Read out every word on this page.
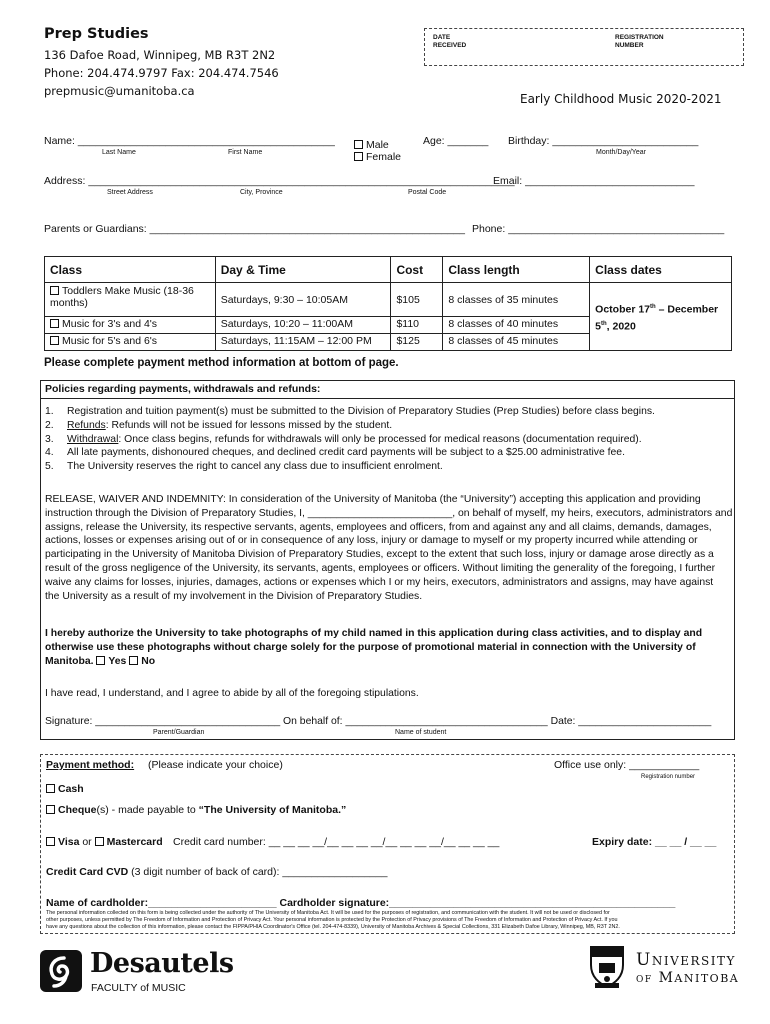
Prep Studies
136 Dafoe Road, Winnipeg, MB R3T 2N2
Phone: 204.474.9797 Fax: 204.474.7546
prepmusic@umanitoba.ca
DATE
RECEIVED
REGISTRATION
NUMBER
Early Childhood Music 2020-2021
Name: ____________________________________________
Last Name	First Name
Male
Female
Age: _______ Birthday: _________________________
Month/Day/Year
Address: _________________________________________________________________________
Street Address	City, Province	Postal Code
Email: _____________________________
Parents or Guardians: ______________________________________________________ Phone: _____________________________________
Class	Day & Time	Cost	Class length	Class dates
Toddlers Make Music (18-36 months)	Saturdays, 9:30 – 10:05AM	$105	8 classes of 35 minutes	October 17th – December
5th, 2020
Music for 3's and 4's	Saturdays, 10:20 – 11:00AM	$110	8 classes of 40 minutes	
Music for 5's and 6's	Saturdays, 11:15AM – 12:00 PM	$125	8 classes of 45 minutes	
Please complete payment method information at bottom of page.
Policies regarding payments, withdrawals and refunds:
1. Registration and tuition payment(s) must be submitted to the Division of Preparatory Studies (Prep Studies) before class begins.
2. Refunds: Refunds will not be issued for lessons missed by the student.
3. Withdrawal: Once class begins, refunds for withdrawals will only be processed for medical reasons (documentation required).
4. All late payments, dishonoured cheques, and declined credit card payments will be subject to a $25.00 administrative fee.
5. The University reserves the right to cancel any class due to insufficient enrolment.
RELEASE, WAIVER AND INDEMNITY: In consideration of the University of Manitoba (the “University”) accepting this application and providing
instruction through the Division of Preparatory Studies, I, _________________________, on behalf of myself, my heirs, executors, administrators and
assigns, release the University, its respective servants, agents, employees and officers, from and against any and all claims, demands, damages,
actions, losses or expenses arising out of or in consequence of any loss, injury or damage to myself or my property incurred while attending or
participating in the University of Manitoba Division of Preparatory Studies, except to the extent that such loss, injury or damage arose directly as a
result of the gross negligence of the University, its servants, agents, employees or officers. Without limiting the generality of the foregoing, I further
waive any claims for losses, injuries, damages, actions or expenses which I or my heirs, executors, administrators and assigns, may have against
the University as a result of my involvement in the Division of Preparatory Studies.
I hereby authorize the University to take photographs of my child named in this application during class activities, and to display and
otherwise use these photographs without charge solely for the purpose of promotional material in connection with the University of
Manitoba. Yes No
I have read, I understand, and I agree to abide by all of the foregoing stipulations.
Signature: ________________________________ On behalf of: ___________________________________ Date: _______________________
Parent/Guardian	Name of student
Payment method: (Please indicate your choice)	Office use only: ____________
Registration number
Cash
Cheque(s) - made payable to “The University of Manitoba.”
Visa or Mastercard Credit card number: __ __ __ __/__ __ __ __/__ __ __ __/__ __ __ __	Expiry date: __ __ / __ __
Credit Card CVD (3 digit number of back of card): __________________
Name of cardholder:______________________ Cardholder signature:_________________________________________________
The personal information collected on this form is being collected under the authority of The University of Manitoba Act. It will be used for the purposes of registration, and communication with the student. It will not be used or disclosed for
other purposes, unless permitted by The Freedom of Information and Protection of Privacy Act. Your personal information is protected by the Protection of Privacy provisions of The Freedom of Information and Protection of Privacy Act. If you
have any questions about the collection of this information, please contact the FIPPA/PHIA Coordinator's Office (tel. 204-474-8339), University of Manitoba Archives & Special Collections, 331 Elizabeth Dafoe Library, Winnipeg, MB, R3T 2N2.
Desautels
FACULTY of MUSIC
UNIVERSITY
OF MANITOBA
